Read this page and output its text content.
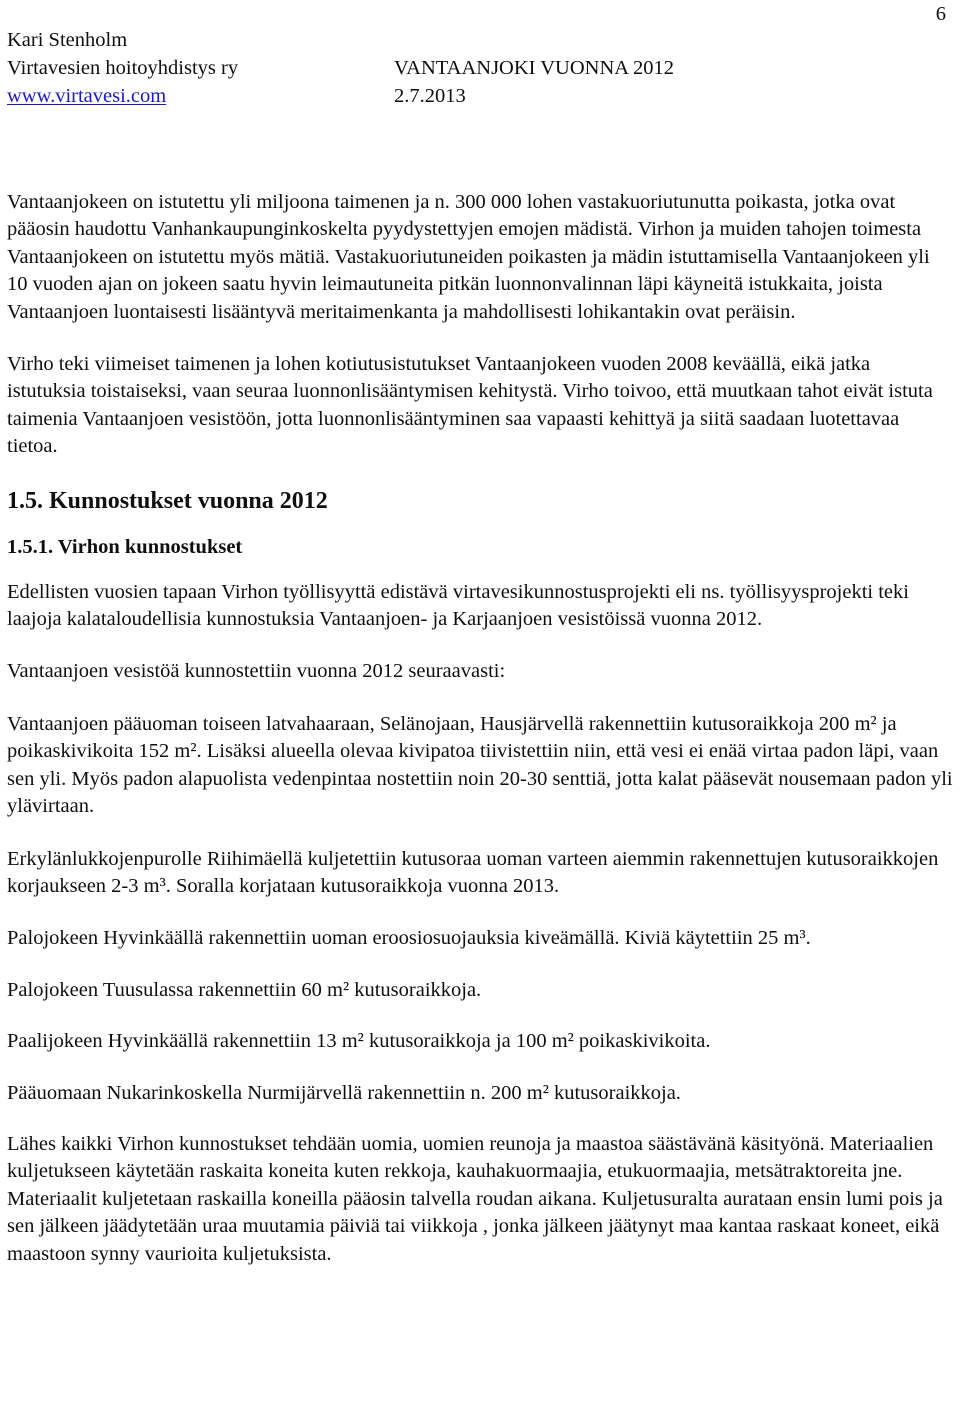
6
Kari Stenholm
Virtavesien hoitoyhdistys ry	VANTAANJOKI VUONNA 2012
www.virtavesi.com	2.7.2013

Vantaanjokeen on istutettu yli miljoona taimenen ja n. 300 000 lohen vastakuoriutunutta poikasta, jotka ovat pääosin haudottu Vanhankaupunginkoskelta pyydystettyjen emojen mädistä. Virhon ja muiden tahojen toimesta Vantaanjokeen on istutettu myös mätiä. Vastakuoriutuneiden poikasten ja mädin istuttamisella Vantaanjokeen yli 10 vuoden ajan on jokeen saatu hyvin leimautuneita pitkän luonnonvalinnan läpi käyneitä istukkaita, joista Vantaanjoen luontaisesti lisääntyvä meritaimenkanta ja mahdollisesti lohikantakin ovat peräisin.

Virho teki viimeiset taimenen ja lohen kotiutusistutukset Vantaanjokeen vuoden 2008 keväällä, eikä jatka istutuksia toistaiseksi, vaan seuraa luonnonlisääntymisen kehitystä. Virho toivoo, että muutkaan tahot eivät istuta taimenia Vantaanjoen vesistöön, jotta luonnonlisääntyminen saa vapaasti kehittyä ja siitä saadaan luotettavaa tietoa.

1.5. Kunnostukset vuonna 2012
1.5.1. Virhon kunnostukset

Edellisten vuosien tapaan Virhon työllisyyttä edistävä virtavesikunnostusprojekti eli ns. työllisyysprojekti teki laajoja kalataloudellisia kunnostuksia Vantaanjoen- ja Karjaanjoen vesistöissä vuonna 2012.

Vantaanjoen vesistöä kunnostettiin vuonna 2012 seuraavasti:

Vantaanjoen pääuoman toiseen latvahaaraan, Selänojaan, Hausjärvellä rakennettiin kutusoraikkoja 200 m² ja poikaskivikoita 152 m². Lisäksi alueella olevaa kivipatoa tiivistettiin niin, että vesi ei enää virtaa padon läpi, vaan sen yli. Myös padon alapuolista vedenpintaa nostettiin noin 20-30 senttiä, jotta kalat pääsevät nousemaan padon yli ylävirtaan.

Erkylänlukkojenpurolle Riihimäellä kuljetettiin kutusoraa uoman varteen aiemmin rakennettujen kutusoraikkojen korjaukseen 2-3 m³. Soralla korjataan kutusoraikkoja vuonna 2013.

Palojokeen Hyvinkäällä rakennettiin uoman eroosiosuojauksia kiveämällä. Kiviä käytettiin 25 m³.

Palojokeen Tuusulassa rakennettiin 60 m² kutusoraikkoja.

Paalijokeen Hyvinkäällä rakennettiin 13 m² kutusoraikkoja ja 100 m² poikaskivikoita.

Pääuomaan Nukarinkoskella Nurmijärvellä rakennettiin n. 200 m² kutusoraikkoja.

Lähes kaikki Virhon kunnostukset tehdään uomia, uomien reunoja ja maastoa säästävänä käsityönä. Materiaalien kuljetukseen käytetään raskaita koneita kuten rekkoja, kauhakuormaajia, etukuormaajia, metsätraktoreita jne. Materiaalit kuljetetaan raskailla koneilla pääosin talvella roudan aikana. Kuljetusuralta aurataan ensin lumi pois ja sen jälkeen jäädytetään uraa muutamia päiviä tai viikkoja , jonka jälkeen jäätynyt maa kantaa raskaat koneet, eikä maastoon synny vaurioita kuljetuksista.
